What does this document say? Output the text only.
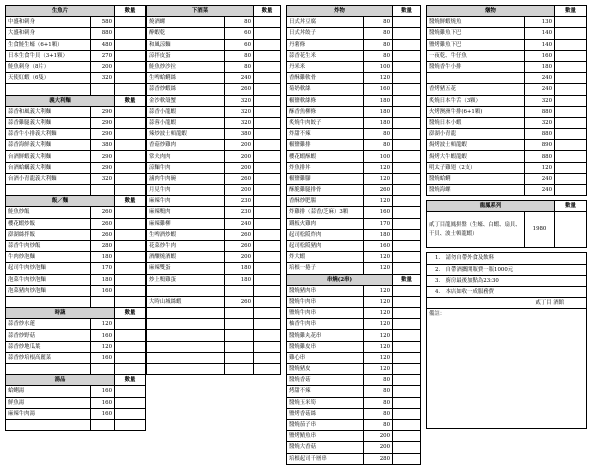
生魚片		數量
中盛和刺身	580	
大盛和刺身	880	
生食鮭生蠔（6+1顆）	480	
日本生食牛貝（3+1顆）	270	
鮭魚刺身（8片）	200	
天使紅蝦（6隻）	320	

義大利麵		數量
蒜香和風義大利麵	290	
蒜香雞腿義大利麵	290	
蒜香牛小排義大利麵	290	
蒜香海鮮義大利麵	380	
台酒鮮蝦義大利麵	290	
台酒蛤蠣義大利麵	290	
台酒小青龍義大利麵	320	

飯／麵		數量
鮭魚炒飯	260	
櫻花蝦炒飯	260	
澎湖絲拌飯	260	
蒜香牛肉炒飯	280	
牛肉炒泡麵	180	
起司牛肉炒泡麵	170	
泡菜牛肉炒泡麵	180	
泡菜豬肉炒泡麵	160	

時蔬		數量
蒜香炒水蓮	120	
蒜香炒野菇	160	
蒜香炒地瓜葉	120	
蒜香炒培根高麗菜	160	

湯品		數量
蛤蜊湯	160	
鮮魚湯	160	
麻辣牛肉湯	160	

下酒菜		數量
燒酒螺	80	
醉蝦乾	60	
和風涼麵	60	
涼拌皮蛋	80	
鮭魚炒沙拉	80	
生啤蛤蜊絲	240	
蒜香炒蝦絲	260	
金沙軟殼蟹	320	
蒜香小龍蝦	320	
蒜蓉小龍蝦	320	
辣炒波士頓龍蝦	380	
香菇炒雞肉	200	
常夫肉肉	200	
涼麵牛肉	200	
滷肉牛肉碗	260	
月見牛肉	200	
麻辣牛肉	230	
麻辣鴨肉	230	
麻辣雞柳	240	
生啤酒炒蝦	260	
花菜炒牛肉	260	
酒釀燒酒蝦	200	
麻辣雙蛋	180	
炒上鴨雞蛋	180	

大時山城絲蝦	260	

炸物		數量
日式丼豆腐	80	
日式丼餃子	80	
丹薯條	80	
蒜香花生米	80	
丹米米	100	
香酥雞軟骨	120	
菊奶軟絲	160	
椒鹽軟絲條	180	
酥香魚柳條	180	
炙燒牛肉餃子	180	
炸甜不辣	80	
椒鹽雞排	80	
櫻花蝦酥蝦	100	
炸魚排丼	120	
椒鹽雞腳	120	
酥脆雞腿排骨	260	
香酥炒肥腸	120	
炸雞排（蒜香/芝麻）3顆	160	
鐵板火雞肉	170	
起司松阪炸肉	180	
起司松阪豬肉	160	
炸大蝦	120	
培根一捲子	120	
串燒(2串)		數量
醬燒豬肉串	120	
醬燒牛肉串	120	
鹽燒牛肉串	120	
柚香牛肉串	120	
醬燒雞丸花串	120	
醬燒雞皮串	120	
雞心串	120	
醬燒豬皮	120	
醬燒香菇	80	
烤甜不辣	80	
醬燒玉米筍	80	
鹽烤香菇絲	80	
醬燒茄子串	80	
鹽烤鯖魚串	200	
醬燒大香菇	200	
培根起司千層串	280	
燉物		數量
醬燒鮮蝦燒魚	130	
醬燒雞魚下巴	140	
鹽烤雞魚下巴	140	
一夜乾、牛仔魚	160	
醬燒香牛小排	180	
	240	
香烤豬五花	240	
炙燒日本牛舌（3顆）	320	
火烤澳洲牛排(6+1顆)	880	
醬燒日本小蝦	320	
澎湖小青龍	880	
焗烤波士頓龍蝦	890	
焗烤大牛蝦龍蝦	880	
明太子雞翅（2支）	120	
醬燒蛤蜊	240	
醬燒海螺	240	

龍鳳系列		數量
貳丁目龍鳳拼盤（生蠔、白蝦、扇貝、干貝、波士頓龍蝦）	1980	

1.　請勿自帶外食及飲料		
2.　自帶酒攜開瓶費一瓶1000元		
3.　廚房最後加點為23:30		
4.　本店如收一成服務費		
貳丁目 酒館		
備註：		
